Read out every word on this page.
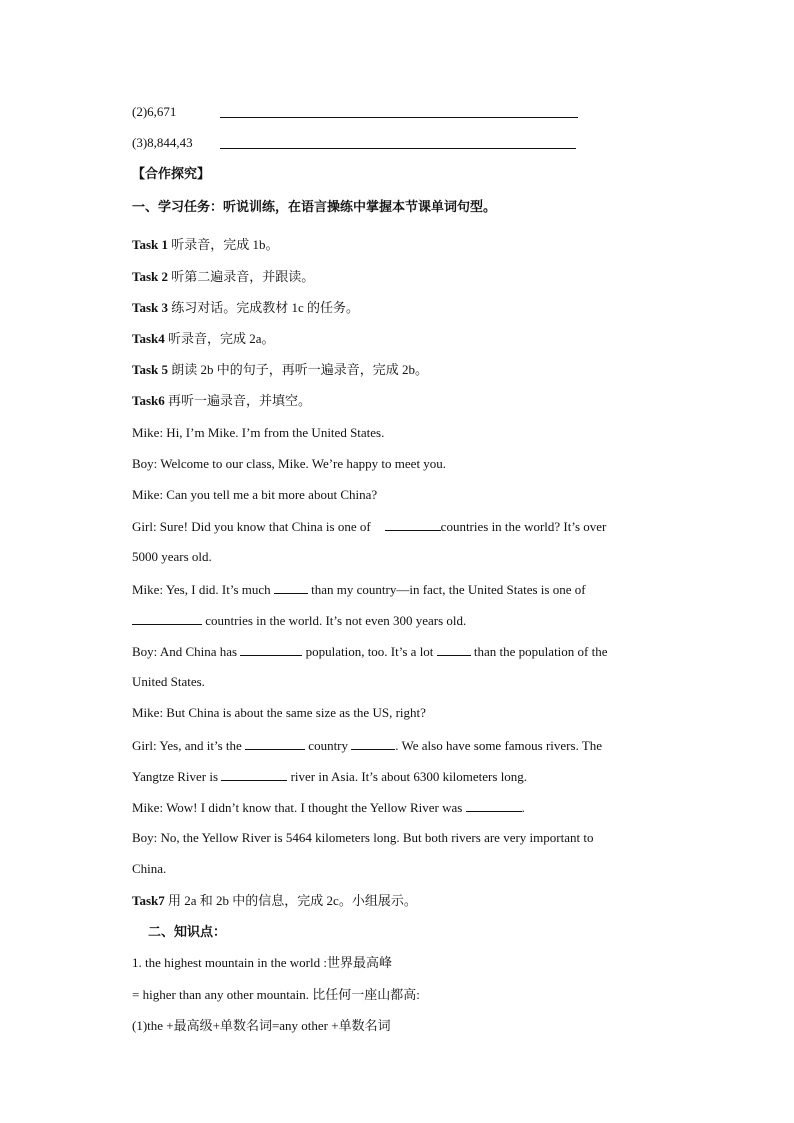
(2)6,671
(3)8,844,43
【合作探究】
一、学习任务：听说训练，在语言操练中掌握本节课单词句型。
Task 1 听录音，完成 1b。
Task 2 听第二遍录音，并跟读。
Task 3 练习对话。完成教材 1c 的任务。
Task4 听录音，完成 2a。
Task 5 朗读 2b 中的句子，再听一遍录音，完成 2b。
Task6 再听一遍录音，并填空。
Mike: Hi, I’m Mike. I’m from the United States.
Boy: Welcome to our class, Mike. We’re happy to meet you.
Mike: Can you tell me a bit more about China?
Girl: Sure! Did you know that China is one of	countries in the world? It’s over
5000 years old.
Mike: Yes, I did. It’s much	than my country—in fact, the United States is one of
countries in the world. It’s not even 300 years old.
Boy: And China has	population, too. It’s a lot	than the population of the
United States.
Mike: But China is about the same size as the US, right?
Girl: Yes, and it’s the	country	. We also have some famous rivers. The
Yangtze River is	river in Asia. It’s about 6300 kilometers long.
Mike: Wow! I didn’t know that. I thought the Yellow River was	.
Boy: No, the Yellow River is 5464 kilometers long. But both rivers are very important to
China.
Task7 用 2a 和 2b 中的信息，完成 2c。小组展示。
二、知识点：
1. the highest mountain in the world :世界最高峰
= higher than any other mountain. 比任何一座山都高:
(1)the +最高级+单数名词=any other +单数名词
